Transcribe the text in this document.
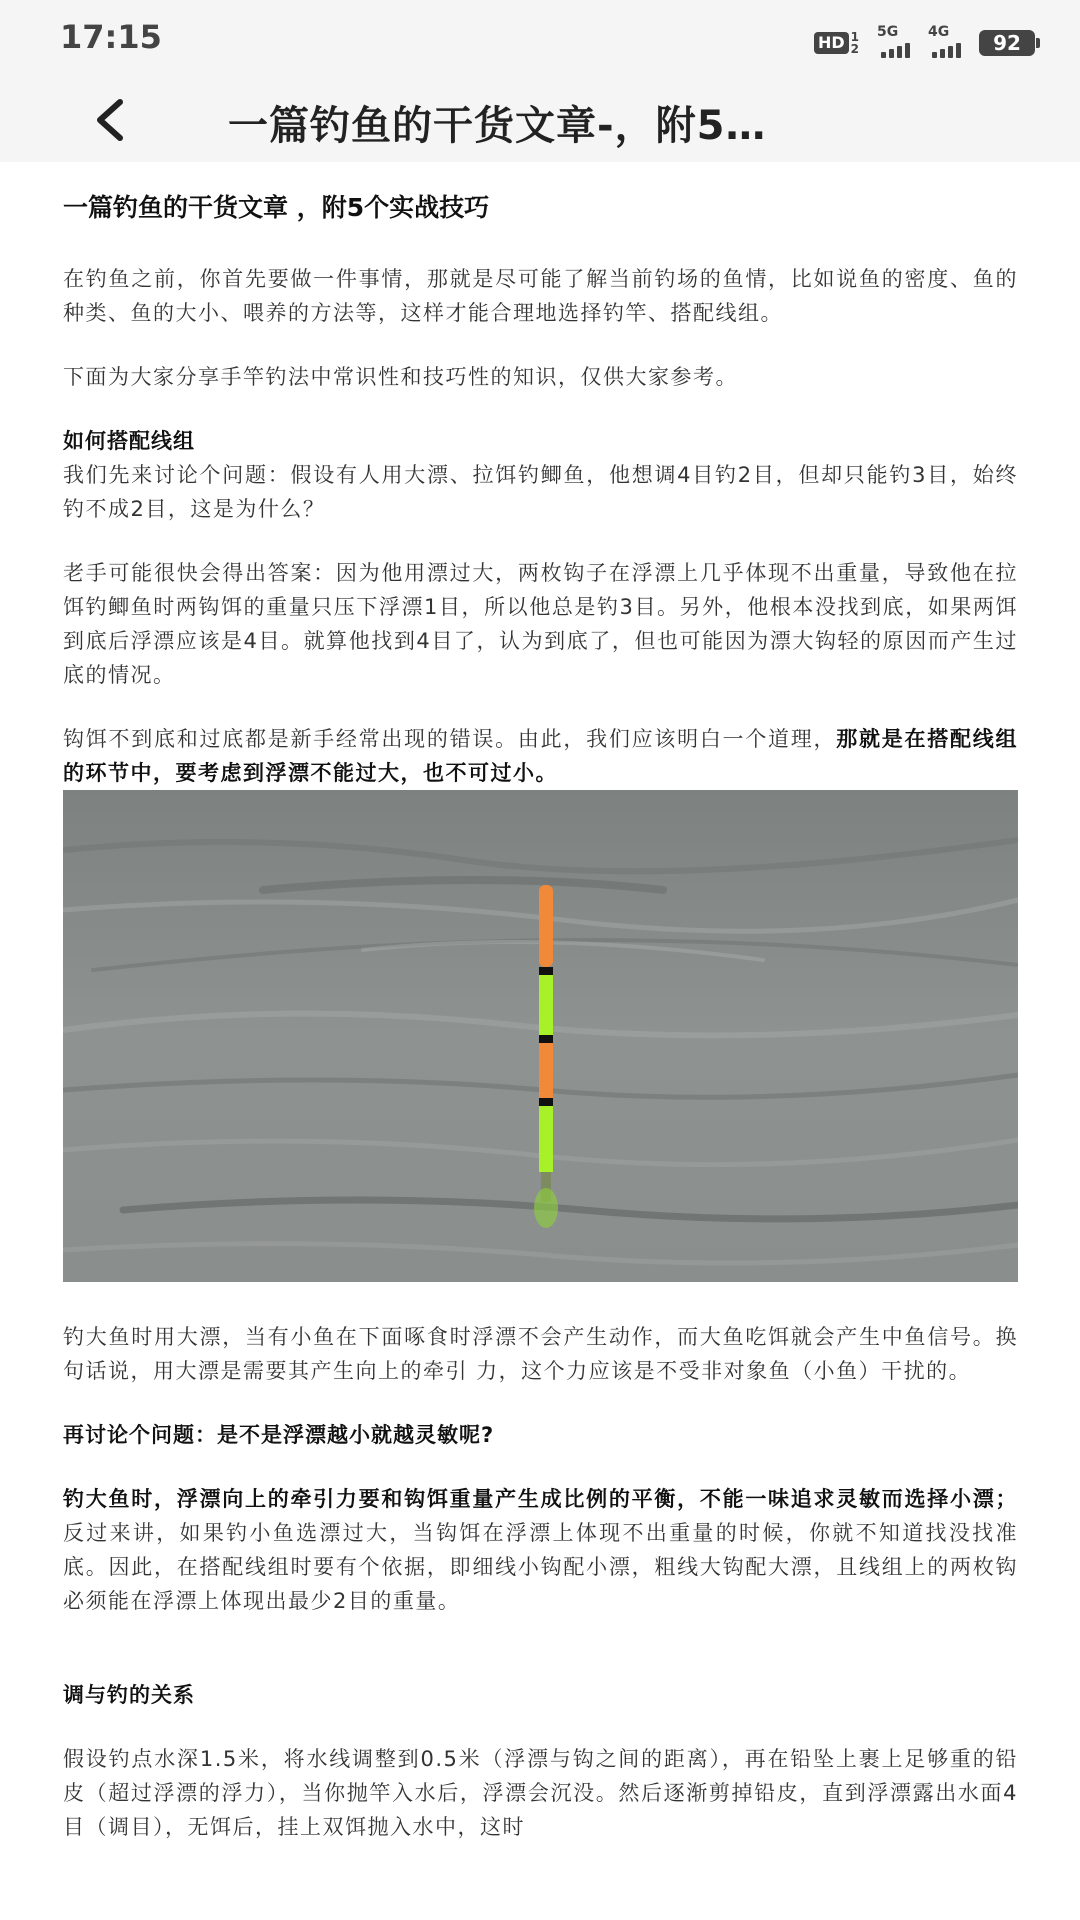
17:15	HD 1
2
5G 4G	92
一篇钓鱼的干货文章-，附5…
一篇钓鱼的干货文章 ，附5个实战技巧

在钓鱼之前，你首先要做一件事情，那就是尽可能了解当前钓场的鱼情，比如说鱼的密度、鱼的种类、鱼的大小、喂养的方法等，这样才能合理地选择钓竿、搭配线组。

下面为大家分享手竿钓法中常识性和技巧性的知识，仅供大家参考。

如何搭配线组

我们先来讨论个问题：假设有人用大漂、拉饵钓鲫鱼，他想调4目钓2目，但却只能钓3目，始终钓不成2目，这是为什么？

老手可能很快会得出答案：因为他用漂过大，两枚钩子在浮漂上几乎体现不出重量，导致他在拉饵钓鲫鱼时两钩饵的重量只压下浮漂1目，所以他总是钓3目。另外，他根本没找到底，如果两饵到底后浮漂应该是4目。就算他找到4目了，认为到底了，但也可能因为漂大钩轻的原因而产生过底的情况。

钩饵不到底和过底都是新手经常出现的错误。由此，我们应该明白一个道理，那就是在搭配线组的环节中，要考虑到浮漂不能过大，也不可过小。

钓大鱼时用大漂，当有小鱼在下面啄食时浮漂不会产生动作，而大鱼吃饵就会产生中鱼信号。换句话说，用大漂是需要其产生向上的牵引 力，这个力应该是不受非对象鱼（小鱼）干扰的。

再讨论个问题：是不是浮漂越小就越灵敏呢?

钓大鱼时，浮漂向上的牵引力要和钩饵重量产生成比例的平衡，不能一味追求灵敏而选择小漂；反过来讲，如果钓小鱼选漂过大，当钩饵在浮漂上体现不出重量的时候，你就不知道找没找准底。因此，在搭配线组时要有个依据，即细线小钩配小漂，粗线大钩配大漂，且线组上的两枚钩必须能在浮漂上体现出最少2目的重量。

调与钓的关系

假设钓点水深1.5米，将水线调整到0.5米（浮漂与钩之间的距离），再在铅坠上裹上足够重的铅皮（超过浮漂的浮力），当你抛竿入水后，浮漂会沉没。然后逐渐剪掉铅皮，直到浮漂露出水面4目（调目），无饵后，挂上双饵抛入水中，这时
